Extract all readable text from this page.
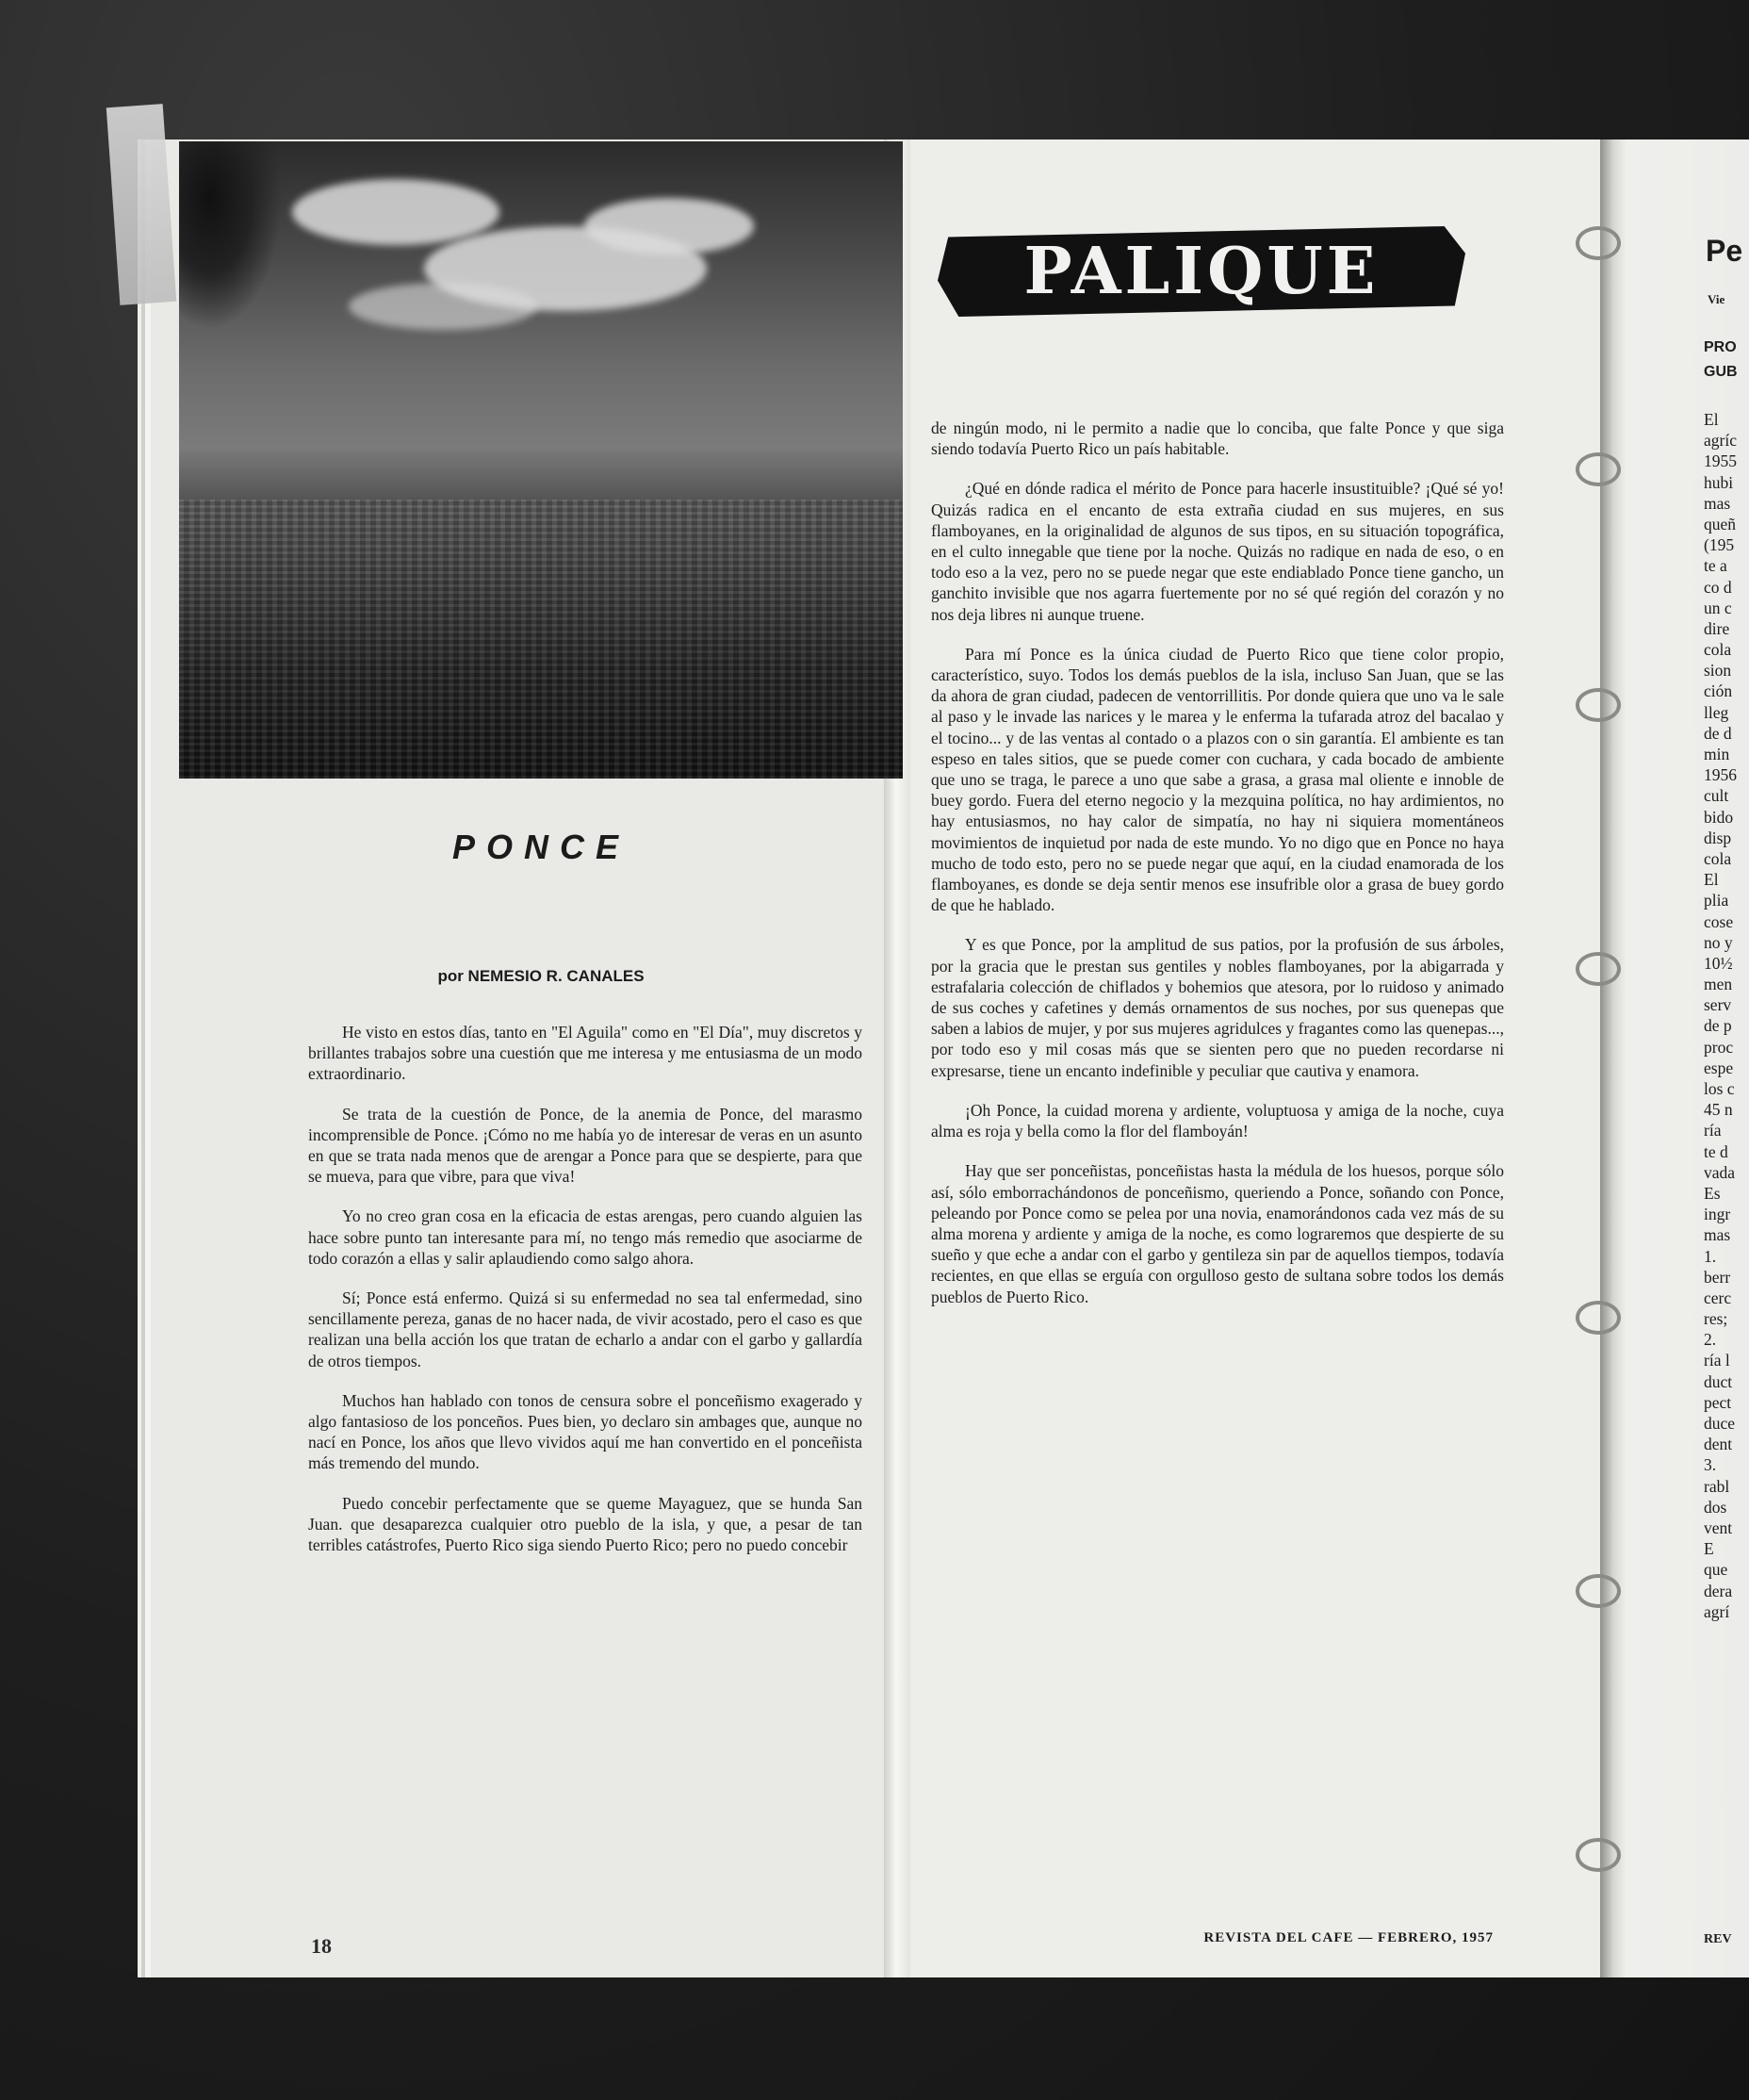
PONCE
por NEMESIO R. CANALES

He visto en estos días, tanto en "El Aguila" como en "El Día", muy discretos y brillantes trabajos sobre una cuestión que me interesa y me entusiasma de un modo extraordinario.

Se trata de la cuestión de Ponce, de la anemia de Ponce, del marasmo incomprensible de Ponce. ¡Cómo no me había yo de interesar de veras en un asunto en que se trata nada menos que de arengar a Ponce para que se despierte, para que se mueva, para que vibre, para que viva!

Yo no creo gran cosa en la eficacia de estas arengas, pero cuando alguien las hace sobre punto tan interesante para mí, no tengo más remedio que asociarme de todo corazón a ellas y salir aplaudiendo como salgo ahora.

Sí; Ponce está enfermo. Quizá si su enfermedad no sea tal enfermedad, sino sencillamente pereza, ganas de no hacer nada, de vivir acostado, pero el caso es que realizan una bella acción los que tratan de echarlo a andar con el garbo y gallardía de otros tiempos.

Muchos han hablado con tonos de censura sobre el ponceñismo exagerado y algo fantasioso de los ponceños. Pues bien, yo declaro sin ambages que, aunque no nací en Ponce, los años que llevo vividos aquí me han convertido en el ponceñista más tremendo del mundo.

Puedo concebir perfectamente que se queme Mayaguez, que se hunda San Juan. que desaparezca cualquier otro pueblo de la isla, y que, a pesar de tan terribles catástrofes, Puerto Rico siga siendo Puerto Rico; pero no puedo concebir

18
PALIQUE

de ningún modo, ni le permito a nadie que lo conciba, que falte Ponce y que siga siendo todavía Puerto Rico un país habitable.

¿Qué en dónde radica el mérito de Ponce para hacerle insustituible? ¡Qué sé yo! Quizás radica en el encanto de esta extraña ciudad en sus mujeres, en sus flamboyanes, en la originalidad de algunos de sus tipos, en su situación topográfica, en el culto innegable que tiene por la noche. Quizás no radique en nada de eso, o en todo eso a la vez, pero no se puede negar que este endiablado Ponce tiene gancho, un ganchito invisible que nos agarra fuertemente por no sé qué región del corazón y no nos deja libres ni aunque truene.

Para mí Ponce es la única ciudad de Puerto Rico que tiene color propio, característico, suyo. Todos los demás pueblos de la isla, incluso San Juan, que se las da ahora de gran ciudad, padecen de ventorrillitis. Por donde quiera que uno va le sale al paso y le invade las narices y le marea y le enferma la tufarada atroz del bacalao y el tocino... y de las ventas al contado o a plazos con o sin garantía. El ambiente es tan espeso en tales sitios, que se puede comer con cuchara, y cada bocado de ambiente que uno se traga, le parece a uno que sabe a grasa, a grasa mal oliente e innoble de buey gordo. Fuera del eterno negocio y la mezquina política, no hay ardimientos, no hay entusiasmos, no hay calor de simpatía, no hay ni siquiera momentáneos movimientos de inquietud por nada de este mundo. Yo no digo que en Ponce no haya mucho de todo esto, pero no se puede negar que aquí, en la ciudad enamorada de los flamboyanes, es donde se deja sentir menos ese insufrible olor a grasa de buey gordo de que he hablado.

Y es que Ponce, por la amplitud de sus patios, por la profusión de sus árboles, por la gracia que le prestan sus gentiles y nobles flamboyanes, por la abigarrada y estrafalaria colección de chiflados y bohemios que atesora, por lo ruidoso y animado de sus coches y cafetines y demás ornamentos de sus noches, por sus quenepas que saben a labios de mujer, y por sus mujeres agridulces y fragantes como las quenepas..., por todo eso y mil cosas más que se sienten pero que no pueden recordarse ni expresarse, tiene un encanto indefinible y peculiar que cautiva y enamora.

¡Oh Ponce, la cuidad morena y ardiente, voluptuosa y amiga de la noche, cuya alma es roja y bella como la flor del flamboyán!

Hay que ser ponceñistas, ponceñistas hasta la médula de los huesos, porque sólo así, sólo emborrachándonos de ponceñismo, queriendo a Ponce, soñando con Ponce, peleando por Ponce como se pelea por una novia, enamorándonos cada vez más de su alma morena y ardiente y amiga de la noche, es como lograremos que despierte de su sueño y que eche a andar con el garbo y gentileza sin par de aquellos tiempos, todavía recientes, en que ellas se erguía con orgulloso gesto de sultana sobre todos los demás pueblos de Puerto Rico.

REVISTA DEL CAFE — FEBRERO, 1957
Pe
Vie
PRO
GUB
El
agríc
1955
hubi
mas
queñ
(195
te a
co d
un c
dire
cola
sion
ción
lleg
de d
min
1956
cult
bido
disp
cola
El
plia
cose
no y
10½
men
serv
de p
proc
espe
los c
45 n
ría
te d
vada
Es
ingr
mas
1.
berr
cerc
res;
2.
ría l
duct
pect
duce
dent
3.
rabl
dos
vent
E
que
dera
agrí
REV
